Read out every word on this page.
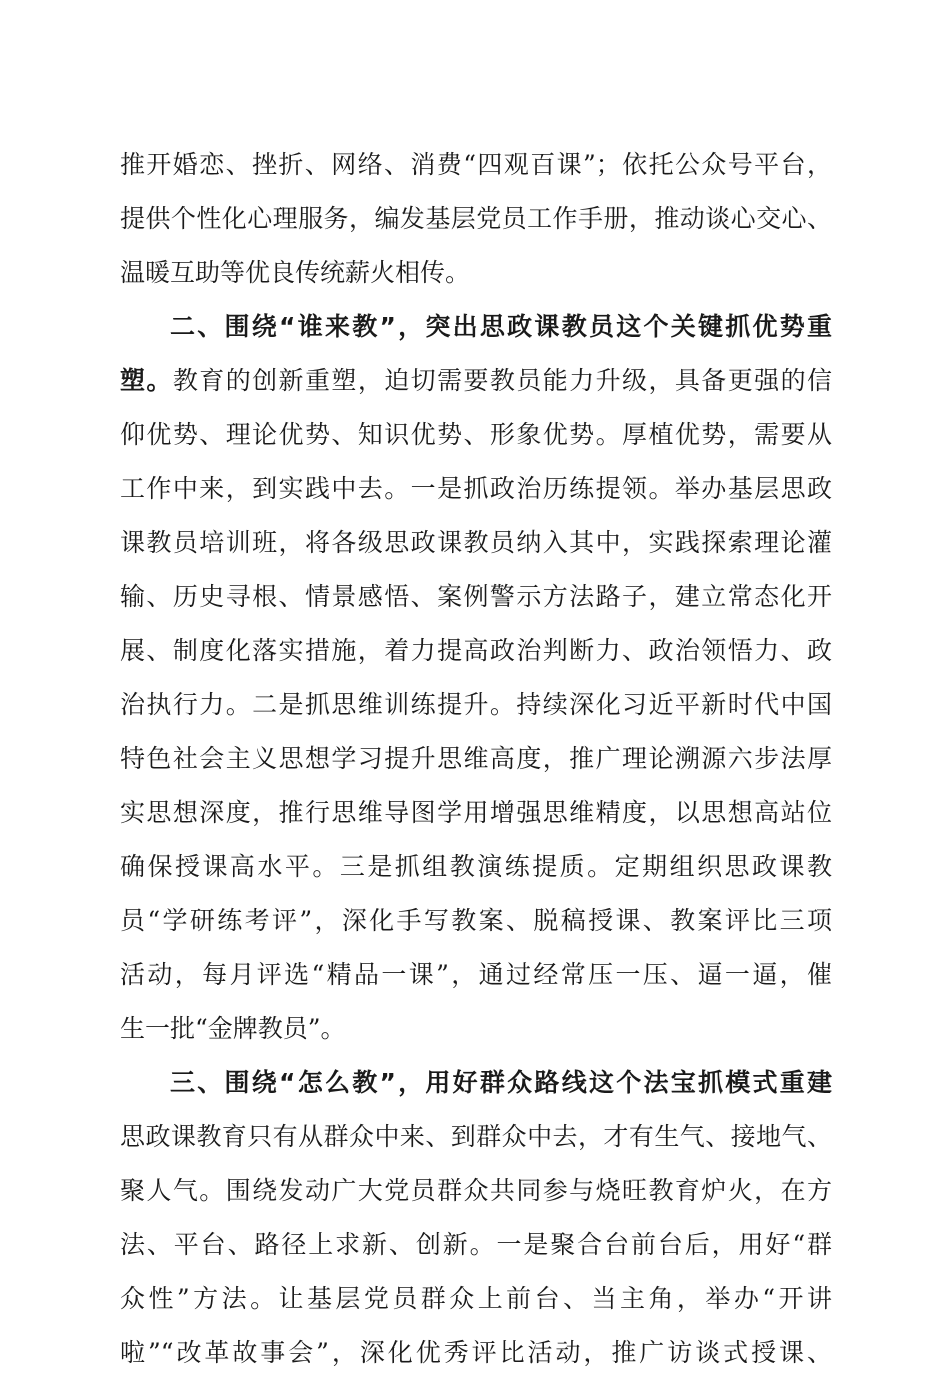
推开婚恋、挫折、网络、消费“四观百课”；依托公众号平台，
提供个性化心理服务，编发基层党员工作手册，推动谈心交心、
温暖互助等优良传统薪火相传。
二、围绕“谁来教”，突出思政课教员这个关键抓优势重
塑。教育的创新重塑，迫切需要教员能力升级，具备更强的信
仰优势、理论优势、知识优势、形象优势。厚植优势，需要从
工作中来，到实践中去。一是抓政治历练提领。举办基层思政
课教员培训班，将各级思政课教员纳入其中，实践探索理论灌
输、历史寻根、情景感悟、案例警示方法路子，建立常态化开
展、制度化落实措施，着力提高政治判断力、政治领悟力、政
治执行力。二是抓思维训练提升。持续深化习近平新时代中国
特色社会主义思想学习提升思维高度，推广理论溯源六步法厚
实思想深度，推行思维导图学用增强思维精度，以思想高站位
确保授课高水平。三是抓组教演练提质。定期组织思政课教
员“学研练考评”，深化手写教案、脱稿授课、教案评比三项
活动，每月评选“精品一课”，通过经常压一压、逼一逼，催
生一批“金牌教员”。
三、围绕“怎么教”，用好群众路线这个法宝抓模式重建
思政课教育只有从群众中来、到群众中去，才有生气、接地气、
聚人气。围绕发动广大党员群众共同参与烧旺教育炉火，在方
法、平台、路径上求新、创新。一是聚合台前台后，用好“群
众性”方法。让基层党员群众上前台、当主角，举办“开讲
啦”“改革故事会”，深化优秀评比活动，推广访谈式授课、
